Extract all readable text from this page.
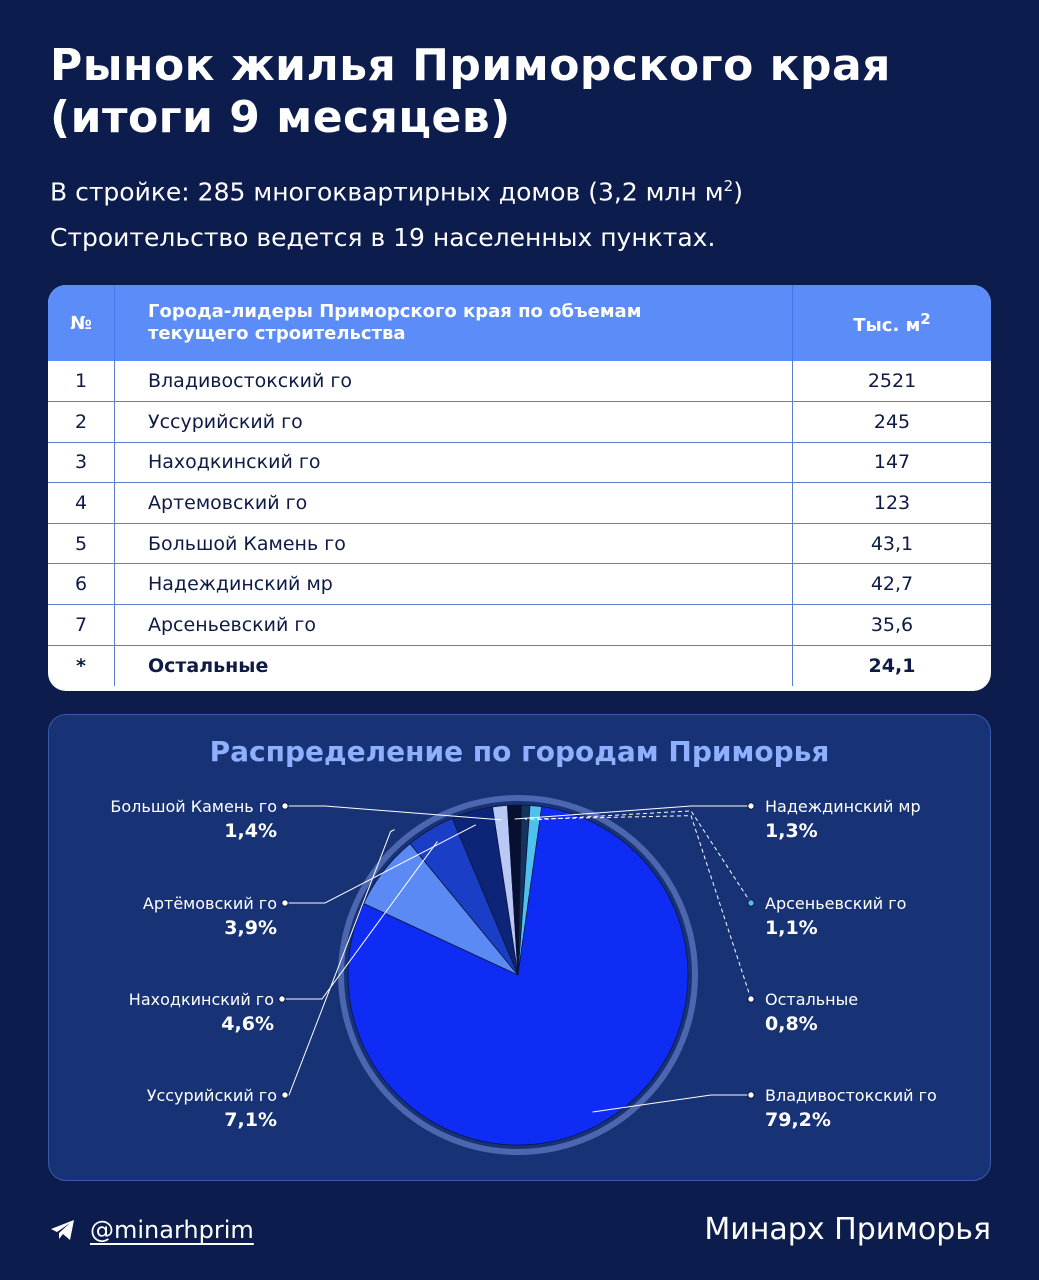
Рынок жилья Приморского края
(итоги 9 месяцев)
В стройке: 285 многоквартирных домов (3,2 млн $м^2$)
Строительство ведется в 19 населенных пунктах.
№	Города-лидеры Приморского края по объемам
текущего строительства	Тыс. $м^2$
1	Владивостокский го	2521
2	Уссурийский го	245
3	Находкинский го	147
4	Артемовский го	123
5	Большой Камень го	43,1
6	Надеждинский мр	42,7
7	Арсеньевский го	35,6
*	Остальные	24,1
Распределение по городам Приморья
Большой Камень го
1,4%
Артёмовский го
3,9%
Находкинский го
4,6%
Уссурийский го
7,1%
Надеждинский мр
1,3%
Арсеньевский го
1,1%
Остальные
0,8%
Владивостокский го
79,2%
@minarhprim	Минарх Приморья
